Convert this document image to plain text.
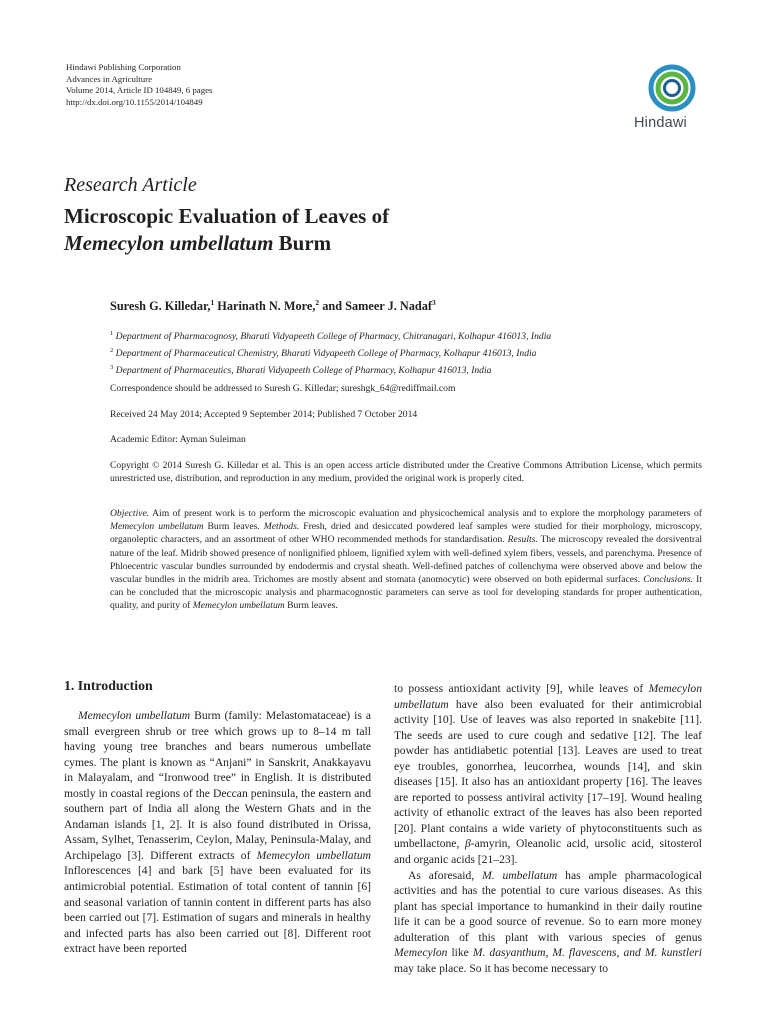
Hindawi Publishing Corporation
Advances in Agriculture
Volume 2014, Article ID 104849, 6 pages
http://dx.doi.org/10.1155/2014/104849
Hindawi
Research Article
Microscopic Evaluation of Leaves of
Memecylon umbellatum Burm
Suresh G. Killedar,$^1$ Harinath N. More,$^2$ and Sameer J. Nadaf$^3$
$^1$ Department of Pharmacognosy, Bharati Vidyapeeth College of Pharmacy, Chitranagari, Kolhapur 416013, India
$^2$ Department of Pharmaceutical Chemistry, Bharati Vidyapeeth College of Pharmacy, Kolhapur 416013, India
$^3$ Department of Pharmaceutics, Bharati Vidyapeeth College of Pharmacy, Kolhapur 416013, India
Correspondence should be addressed to Suresh G. Killedar; sureshgk_64@rediffmail.com
Received 24 May 2014; Accepted 9 September 2014; Published 7 October 2014
Academic Editor: Ayman Suleiman
Copyright © 2014 Suresh G. Killedar et al. This is an open access article distributed under the Creative Commons Attribution License, which permits unrestricted use, distribution, and reproduction in any medium, provided the original work is properly cited.
Objective. Aim of present work is to perform the microscopic evaluation and physicochemical analysis and to explore the morphology parameters of Memecylon umbellatum Burm leaves. Methods. Fresh, dried and desiccated powdered leaf samples were studied for their morphology, microscopy, organoleptic characters, and an assortment of other WHO recommended methods for standardisation. Results. The microscopy revealed the dorsiventral nature of the leaf. Midrib showed presence of nonlignified phloem, lignified xylem with well-defined xylem fibers, vessels, and parenchyma. Presence of Phloecentric vascular bundles surrounded by endodermis and crystal sheath. Well-defined patches of collenchyma were observed above and below the vascular bundles in the midrib area. Trichomes are mostly absent and stomata (anomocytic) were observed on both epidermal surfaces. Conclusions. It can be concluded that the microscopic analysis and pharmacognostic parameters can serve as tool for developing standards for proper authentication, quality, and purity of Memecylon umbellatum Burm leaves.
1. Introduction

Memecylon umbellatum Burm (family: Melastomataceae) is a small evergreen shrub or tree which grows up to 8–14 m tall having young tree branches and bears numerous umbellate cymes. The plant is known as “Anjani” in Sanskrit, Anakkayavu in Malayalam, and “Ironwood tree” in English. It is distributed mostly in coastal regions of the Deccan peninsula, the eastern and southern part of India all along the Western Ghats and in the Andaman islands [1, 2]. It is also found distributed in Orissa, Assam, Sylhet, Tenasserim, Ceylon, Malay, Peninsula-Malay, and Archipelago [3]. Different extracts of Memecylon umbellatum Inflorescences [4] and bark [5] have been evaluated for its antimicrobial potential. Estimation of total content of tannin [6] and seasonal variation of tannin content in different parts has also been carried out [7]. Estimation of sugars and minerals in healthy and infected parts has also been carried out [8]. Different root extract have been reported

to possess antioxidant activity [9], while leaves of Memecylon umbellatum have also been evaluated for their antimicrobial activity [10]. Use of leaves was also reported in snakebite [11]. The seeds are used to cure cough and sedative [12]. The leaf powder has antidiabetic potential [13]. Leaves are used to treat eye troubles, gonorrhea, leucorrhea, wounds [14], and skin diseases [15]. It also has an antioxidant property [16]. The leaves are reported to possess antiviral activity [17–19]. Wound healing activity of ethanolic extract of the leaves has also been reported [20]. Plant contains a wide variety of phytoconstituents such as umbellactone, β-amyrin, Oleanolic acid, ursolic acid, sitosterol and organic acids [21–23].

As aforesaid, M. umbellatum has ample pharmacological activities and has the potential to cure various diseases. As this plant has special importance to humankind in their daily routine life it can be a good source of revenue. So to earn more money adulteration of this plant with various species of genus Memecylon like M. dasyanthum, M. flavescens, and M. kunstleri may take place. So it has become necessary to
